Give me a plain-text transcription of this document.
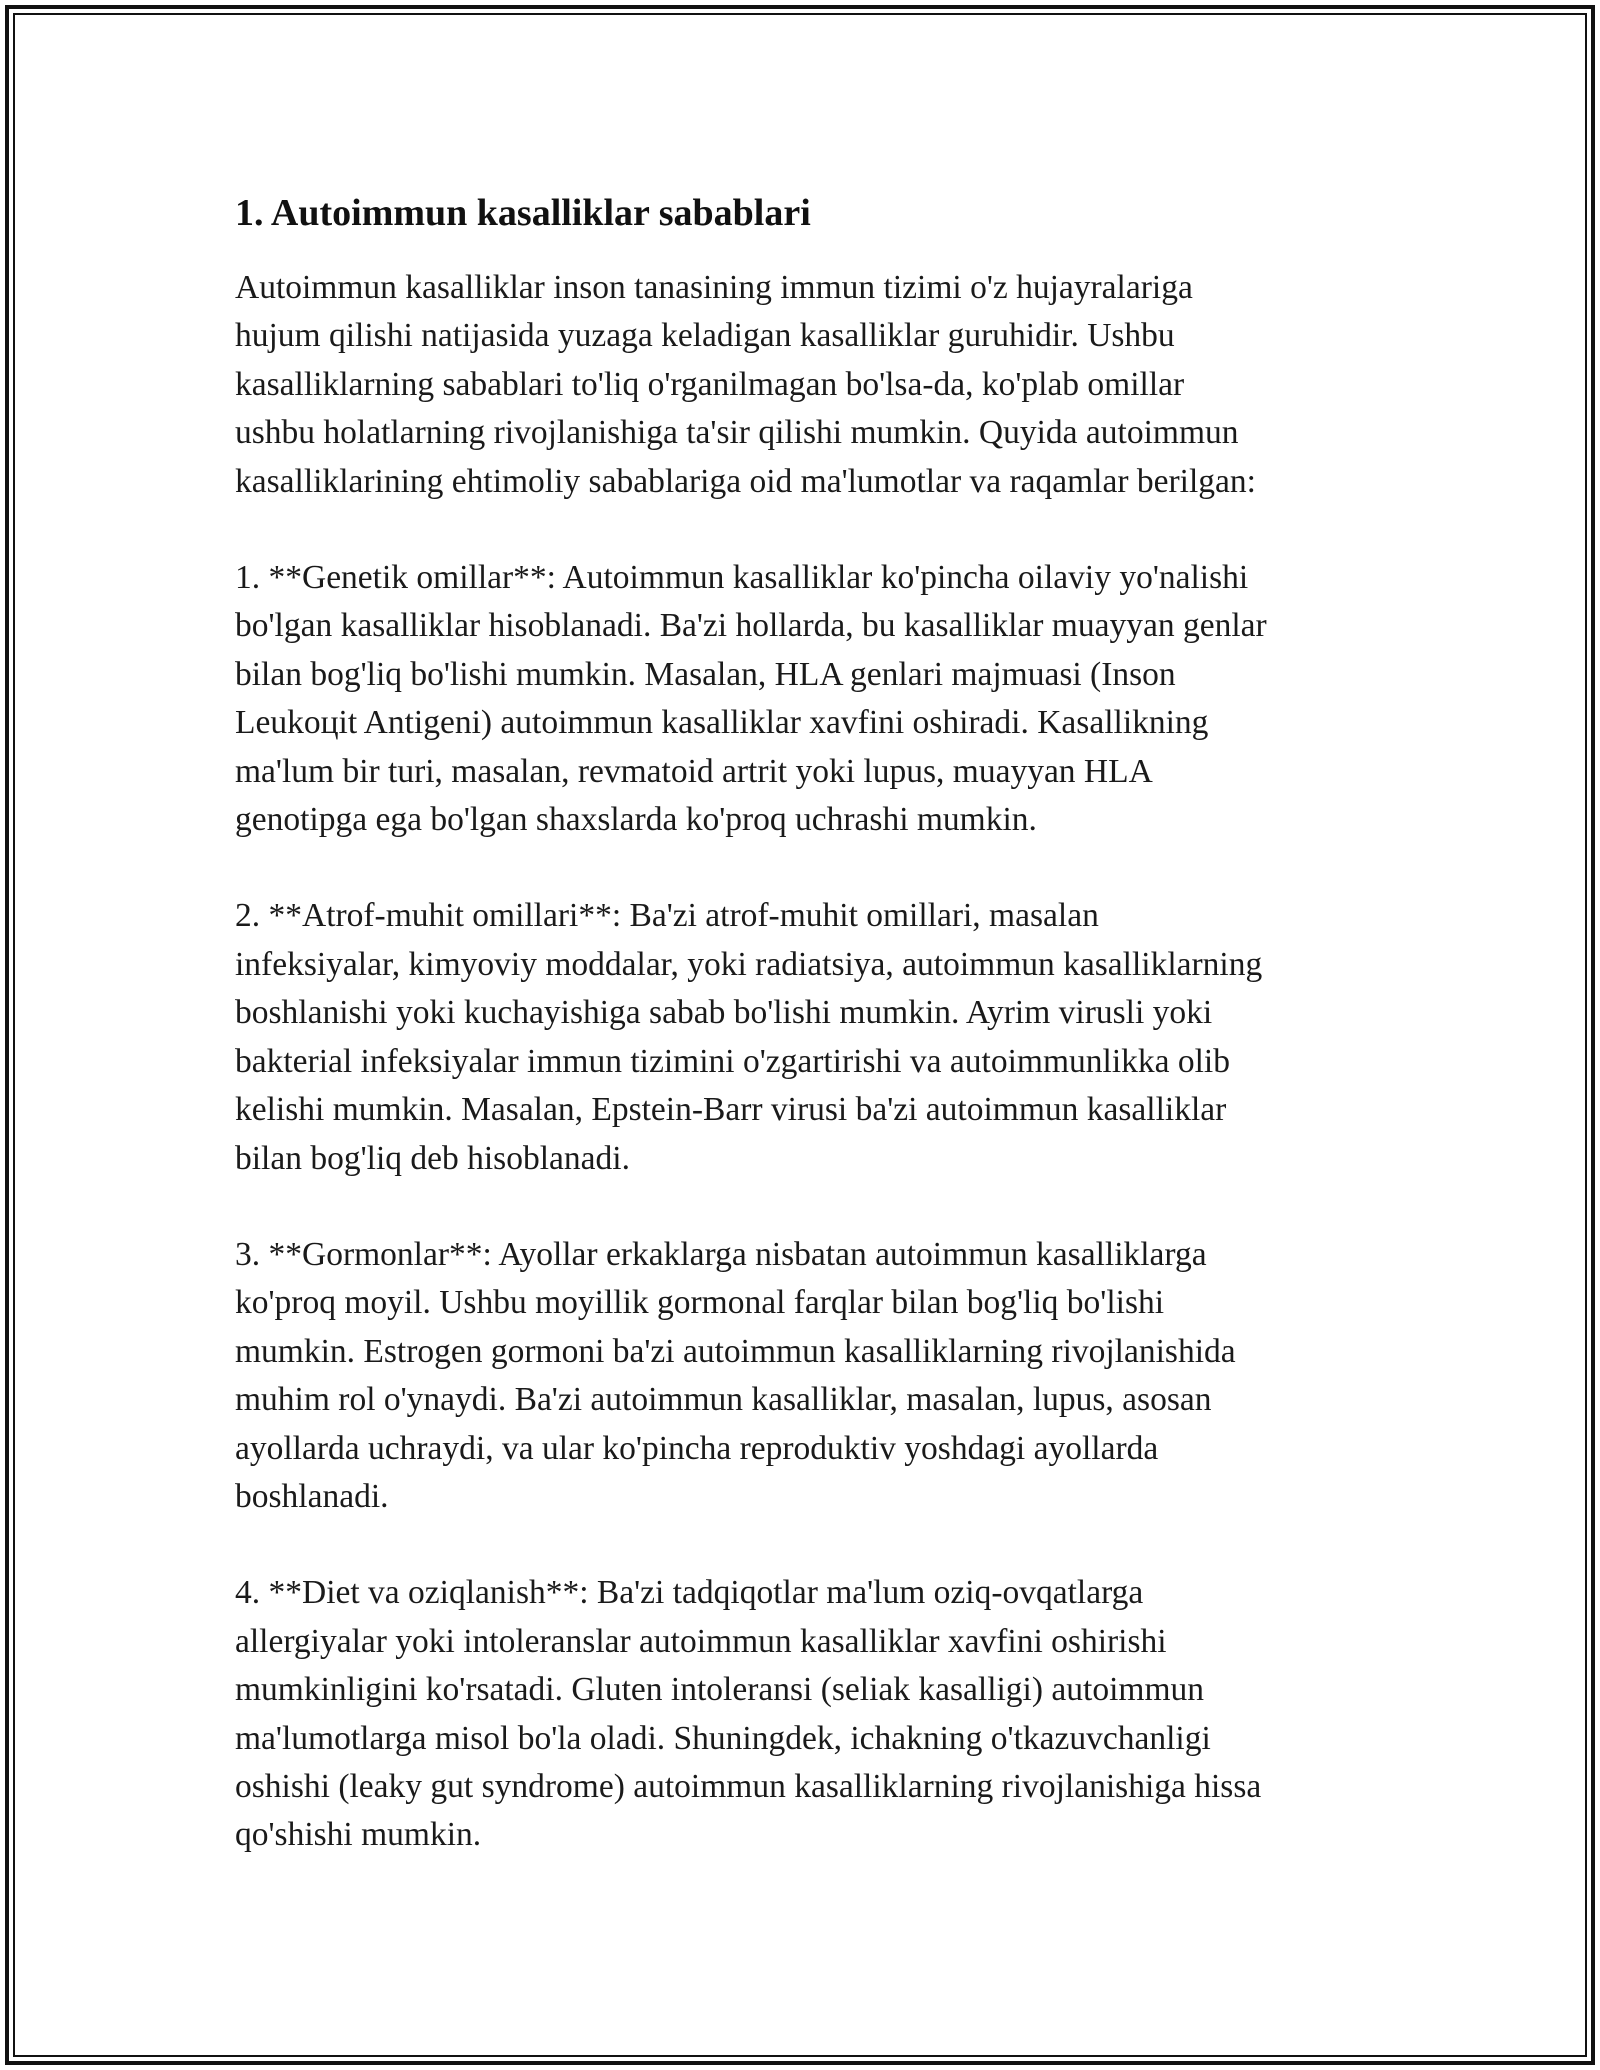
1. Autoimmun kasalliklar sabablari
Autoimmun kasalliklar inson tanasining immun tizimi o'z hujayralariga
hujum qilishi natijasida yuzaga keladigan kasalliklar guruhidir. Ushbu
kasalliklarning sabablari to'liq o'rganilmagan bo'lsa-da, ko'plab omillar
ushbu holatlarning rivojlanishiga ta'sir qilishi mumkin. Quyida autoimmun
kasalliklarining ehtimoliy sabablariga oid ma'lumotlar va raqamlar berilgan:
1. **Genetik omillar**: Autoimmun kasalliklar ko'pincha oilaviy yo'nalishi
bo'lgan kasalliklar hisoblanadi. Ba'zi hollarda, bu kasalliklar muayyan genlar
bilan bog'liq bo'lishi mumkin. Masalan, HLA genlari majmuasi (Inson
Leukoцit Antigeni) autoimmun kasalliklar xavfini oshiradi. Kasallikning
ma'lum bir turi, masalan, revmatoid artrit yoki lupus, muayyan HLA
genotipga ega bo'lgan shaxslarda ko'proq uchrashi mumkin.
2. **Atrof-muhit omillari**: Ba'zi atrof-muhit omillari, masalan
infeksiyalar, kimyoviy moddalar, yoki radiatsiya, autoimmun kasalliklarning
boshlanishi yoki kuchayishiga sabab bo'lishi mumkin. Ayrim virusli yoki
bakterial infeksiyalar immun tizimini o'zgartirishi va autoimmunlikka olib
kelishi mumkin. Masalan, Epstein-Barr virusi ba'zi autoimmun kasalliklar
bilan bog'liq deb hisoblanadi.
3. **Gormonlar**: Ayollar erkaklarga nisbatan autoimmun kasalliklarga
ko'proq moyil. Ushbu moyillik gormonal farqlar bilan bog'liq bo'lishi
mumkin. Estrogen gormoni ba'zi autoimmun kasalliklarning rivojlanishida
muhim rol o'ynaydi. Ba'zi autoimmun kasalliklar, masalan, lupus, asosan
ayollarda uchraydi, va ular ko'pincha reproduktiv yoshdagi ayollarda
boshlanadi.
4. **Diet va oziqlanish**: Ba'zi tadqiqotlar ma'lum oziq-ovqatlarga
allergiyalar yoki intoleranslar autoimmun kasalliklar xavfini oshirishi
mumkinligini ko'rsatadi. Gluten intoleransi (seliak kasalligi) autoimmun
ma'lumotlarga misol bo'la oladi. Shuningdek, ichakning o'tkazuvchanligi
oshishi (leaky gut syndrome) autoimmun kasalliklarning rivojlanishiga hissa
qo'shishi mumkin.
